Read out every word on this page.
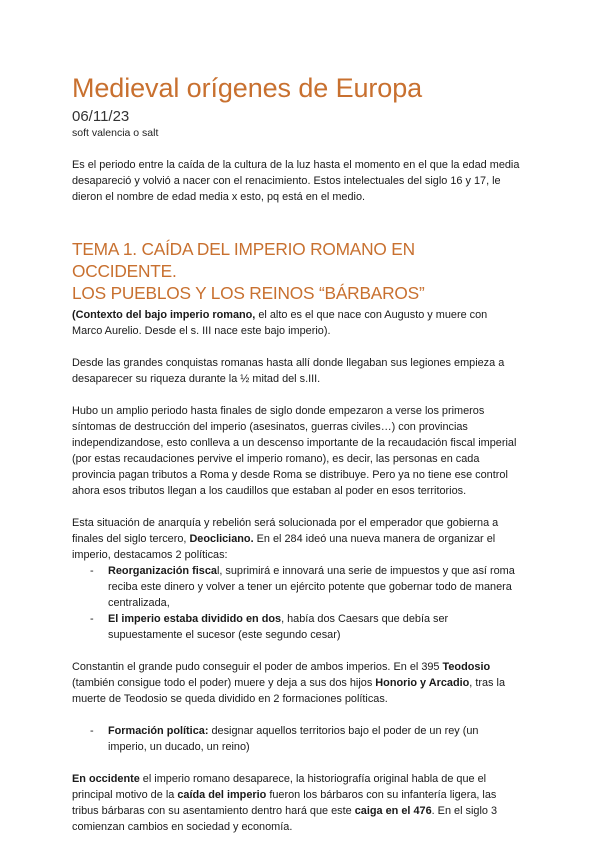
Medieval orígenes de Europa
06/11/23
soft valencia o salt

Es el periodo entre la caída de la cultura de la luz hasta el momento en el que la edad media desapareció y volvió a nacer con el renacimiento. Estos intelectuales del siglo 16 y 17, le dieron el nombre de edad media x esto, pq está en el medio.

TEMA 1. CAÍDA DEL IMPERIO ROMANO EN OCCIDENTE.
LOS PUEBLOS Y LOS REINOS “BÁRBAROS”

(Contexto del bajo imperio romano, el alto es el que nace con Augusto y muere con Marco Aurelio. Desde el s. III nace este bajo imperio).

Desde las grandes conquistas romanas hasta allí donde llegaban sus legiones empieza a desaparecer su riqueza durante la ½ mitad del s.III.

Hubo un amplio periodo hasta finales de siglo donde empezaron a verse los primeros síntomas de destrucción del imperio (asesinatos, guerras civiles…) con provincias independizandose, esto conlleva a un descenso importante de la recaudación fiscal imperial (por estas recaudaciones pervive el imperio romano), es decir, las personas en cada provincia pagan tributos a Roma y desde Roma se distribuye. Pero ya no tiene ese control ahora esos tributos llegan a los caudillos que estaban al poder en esos territorios.

Esta situación de anarquía y rebelión será solucionada por el emperador que gobierna a finales del siglo tercero, Deocliciano. En el 284 ideó una nueva manera de organizar el imperio, destacamos 2 políticas:

- Reorganización fiscal, suprimirá e innovará una serie de impuestos y que así roma reciba este dinero y volver a tener un ejército potente que gobernar todo de manera centralizada,
- El imperio estaba dividido en dos, había dos Caesars que debía ser supuestamente el sucesor (este segundo cesar)

Constantin el grande pudo conseguir el poder de ambos imperios. En el 395 Teodosio (también consigue todo el poder) muere y deja a sus dos hijos Honorio y Arcadio, tras la muerte de Teodosio se queda dividido en 2 formaciones políticas.

- Formación política: designar aquellos territorios bajo el poder de un rey (un imperio, un ducado, un reino)

En occidente el imperio romano desaparece, la historiografía original habla de que el principal motivo de la caída del imperio fueron los bárbaros con su infantería ligera, las tribus bárbaras con su asentamiento dentro hará que este caiga en el 476. En el siglo 3 comienzan cambios en sociedad y economía.
